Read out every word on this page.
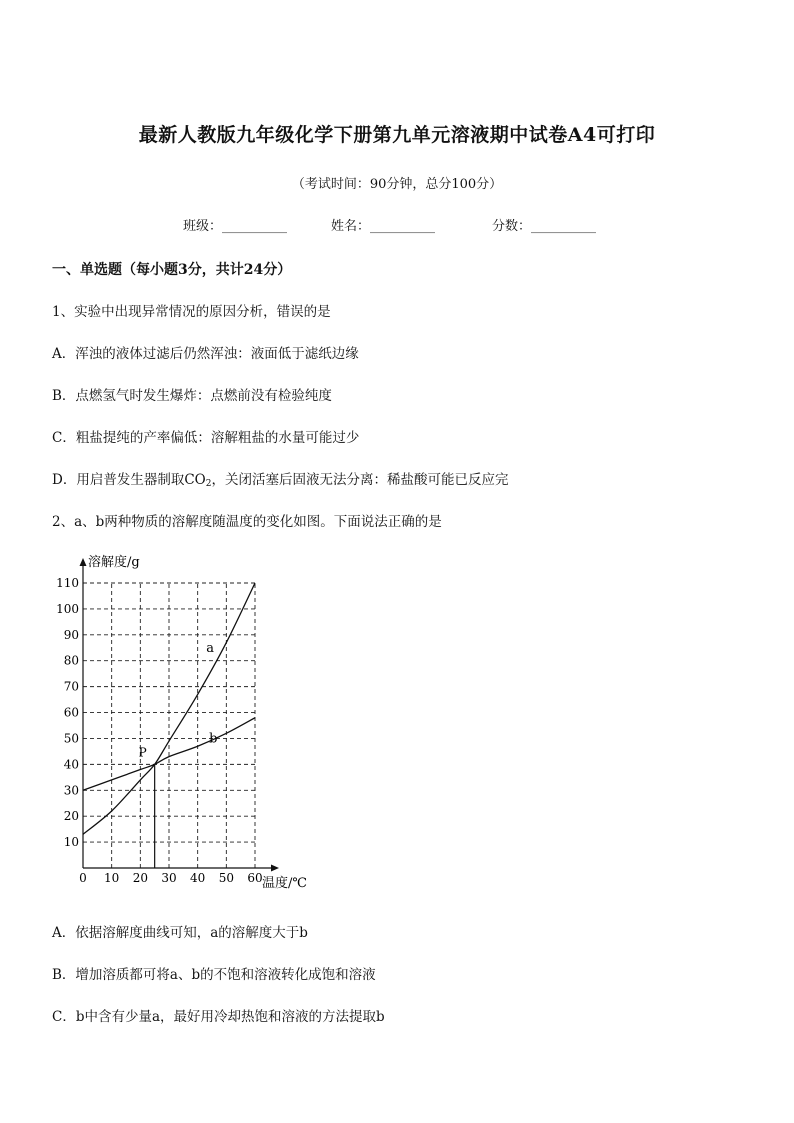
最新人教版九年级化学下册第九单元溶液期中试卷A4可打印
（考试时间：90分钟，总分100分）
班级：__________	姓名：__________	分数：__________
一、单选题（每小题3分，共计24分）
1、实验中出现异常情况的原因分析，错误的是
A．浑浊的液体过滤后仍然浑浊：液面低于滤纸边缘
B．点燃氢气时发生爆炸：点燃前没有检验纯度
C．粗盐提纯的产率偏低：溶解粗盐的水量可能过少
D．用启普发生器制取$CO_2$，关闭活塞后固液无法分离：稀盐酸可能已反应完
2、a、b两种物质的溶解度随温度的变化如图。下面说法正确的是
10
20
30
40
50
60
70
80
90
100
110
0 10 20 30 40 50 60
a
b
P
溶解度/g
温度/℃
A．依据溶解度曲线可知，a的溶解度大于b
B．增加溶质都可将a、b的不饱和溶液转化成饱和溶液
C．b中含有少量a，最好用冷却热饱和溶液的方法提取b
